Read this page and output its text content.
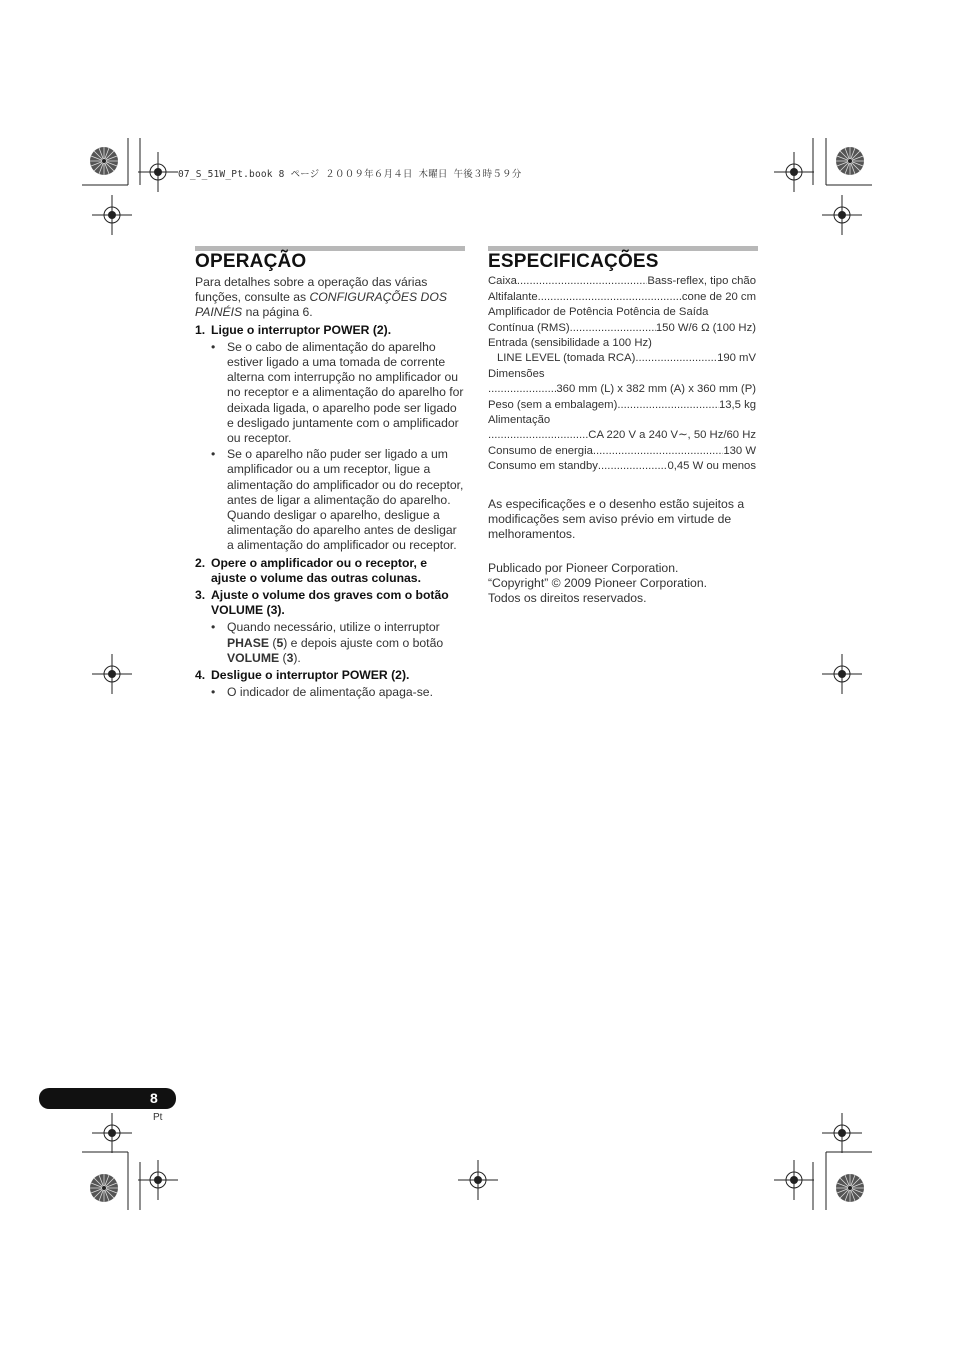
07_S_51W_Pt.book 8 ページ ２００９年６月４日 木曜日 午後３時５９分
OPERAÇÃO
Para detalhes sobre a operação das várias funções, consulte as CONFIGURAÇÕES DOS PAINÉIS na página 6.
1. Ligue o interruptor POWER (2).
• Se o cabo de alimentação do aparelho estiver ligado a uma tomada de corrente alterna com interrupção no amplificador ou no receptor e a alimentação do aparelho for deixada ligada, o aparelho pode ser ligado e desligado juntamente com o amplificador ou receptor.
• Se o aparelho não puder ser ligado a um amplificador ou a um receptor, ligue a alimentação do amplificador ou do receptor, antes de ligar a alimentação do aparelho. Quando desligar o aparelho, desligue a alimentação do aparelho antes de desligar a alimentação do amplificador ou receptor.
2. Opere o amplificador ou o receptor, e ajuste o volume das outras colunas.
3. Ajuste o volume dos graves com o botão VOLUME (3).
• Quando necessário, utilize o interruptor PHASE (5) e depois ajuste com o botão VOLUME (3).
4. Desligue o interruptor POWER (2).
• O indicador de alimentação apaga-se.
ESPECIFICAÇÕES
Caixa .....	Bass-reflex, tipo chão
Altifalante .....	cone de 20 cm
Amplificador de Potência Potência de Saída
Contínua (RMS) .....	150 W/6 Ω (100 Hz)
Entrada (sensibilidade a 100 Hz)
LINE LEVEL (tomada RCA) .....	190 mV
Dimensões
.....
360 mm (L) x 382 mm (A) x 360 mm (P)
Peso (sem a embalagem) .....	13,5 kg
Alimentação
.....
CA 220 V a 240 V∼, 50 Hz/60 Hz
Consumo de energia .....	130 W
Consumo em standby .....	0,45 W ou menos
As especificações e o desenho estão sujeitos a modificações sem aviso prévio em virtude de melhoramentos.
Publicado por Pioneer Corporation.
“Copyright” © 2009 Pioneer Corporation.
Todos os direitos reservados.
8
Pt
